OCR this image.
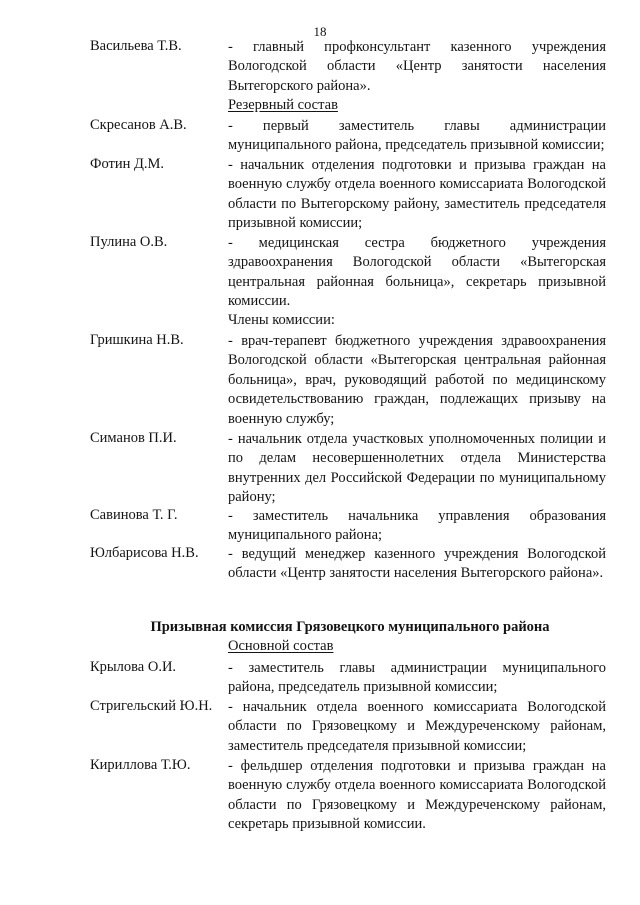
18
Васильева Т.В.	- главный профконсультант казенного учреждения Вологодской области «Центр занятости населения Вытегорского района».
Резервный состав
Скресанов А.В.	- первый заместитель главы администрации муниципального района, председатель призывной комиссии;
Фотин Д.М.	- начальник отделения подготовки и призыва граждан на военную службу отдела военного комиссариата Вологодской области по Вытегорскому району, заместитель председателя призывной комиссии;
Пулина О.В.	- медицинская сестра бюджетного учреждения здравоохранения Вологодской области «Вытегорская центральная районная больница», секретарь призывной комиссии.
Члены комиссии:
Гришкина Н.В.	- врач-терапевт бюджетного учреждения здравоохранения Вологодской области «Вытегорская центральная районная больница», врач, руководящий работой по медицинскому освидетельствованию граждан, подлежащих призыву на военную службу;
Симанов П.И.	- начальник отдела участковых уполномоченных полиции и по делам несовершеннолетних отдела Министерства внутренних дел Российской Федерации по муниципальному району;
Савинова Т. Г.	- заместитель начальника управления образования муниципального района;
Юлбарисова Н.В. - ведущий менеджер казенного учреждения Вологодской области «Центр занятости населения Вытегорского района».
Призывная комиссия Грязовецкого муниципального района
Основной состав
Крылова О.И.	- заместитель главы администрации муниципального района, председатель призывной комиссии;
Стригельский Ю.Н. - начальник отдела военного комиссариата Вологодской области по Грязовецкому и Междуреченскому районам, заместитель председателя призывной комиссии;
Кириллова Т.Ю.	- фельдшер отделения подготовки и призыва граждан на военную службу отдела военного комиссариата Вологодской области по Грязовецкому и Междуреченскому районам, секретарь призывной комиссии.
